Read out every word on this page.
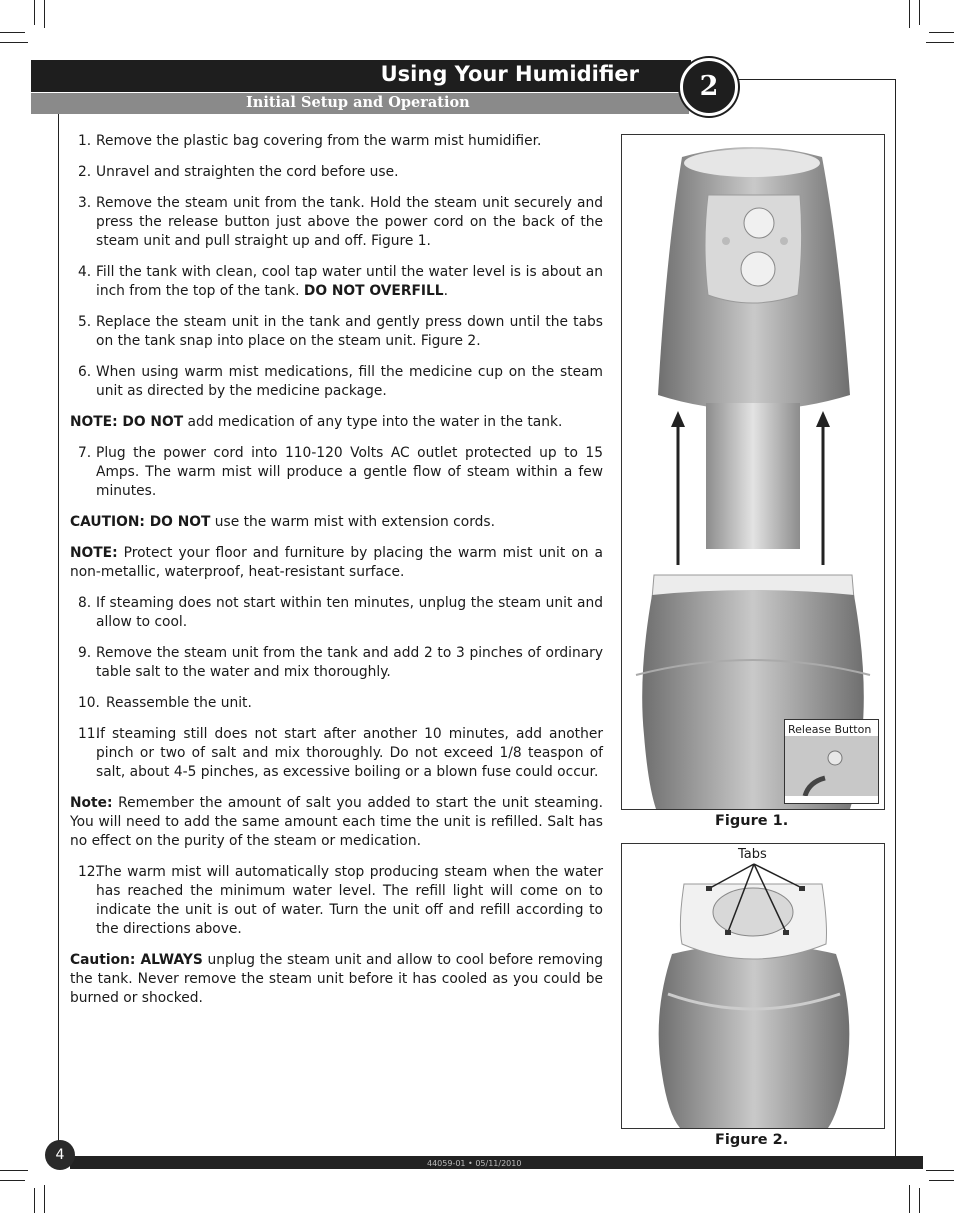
Using Your Humidifier
Initial Setup and Operation
2
1. Remove the plastic bag covering from the warm mist humidifier.
2. Unravel and straighten the cord before use.
3. Remove the steam unit from the tank. Hold the steam unit securely and press the release button just above the power cord on the back of the steam unit and pull straight up and off. Figure 1.
4. Fill the tank with clean, cool tap water until the water level is is about an inch from the top of the tank. DO NOT OVERFILL.
5. Replace the steam unit in the tank and gently press down until the tabs on the tank snap into place on the steam unit. Figure 2.
6. When using warm mist medications, fill the medicine cup on the steam unit as directed by the medicine package.
NOTE: DO NOT add medication of any type into the water in the tank.
7. Plug the power cord into 110-120 Volts AC outlet protected up to 15 Amps. The warm mist will produce a gentle flow of steam within a few minutes.
CAUTION: DO NOT use the warm mist with extension cords.
NOTE: Protect your floor and furniture by placing the warm mist unit on a non-metallic, waterproof, heat-resistant surface.
8. If steaming does not start within ten minutes, unplug the steam unit and allow to cool.
9. Remove the steam unit from the tank and add 2 to 3 pinches of ordinary table salt to the water and mix thoroughly.
10. Reassemble the unit.
11.
If steaming still does not start after another 10 minutes, add another pinch or two of salt and mix thoroughly. Do not exceed 1/8 teaspon of salt, about 4-5 pinches, as excessive boiling or a blown fuse could occur.
Note: Remember the amount of salt you added to start the unit steaming. You will need to add the same amount each time the unit is refilled. Salt has no effect on the purity of the steam or medication.
12.
The warm mist will automatically stop producing steam when the water has reached the minimum water level. The refill light will come on to indicate the unit is out of water. Turn the unit off and refill according to the directions above.
Caution: ALWAYS unplug the steam unit and allow to cool before removing the tank. Never remove the steam unit before it has cooled as you could be burned or shocked.
Release Button
Figure 1.
Tabs
Figure 2.
44059-01 • 05/11/2010
4
